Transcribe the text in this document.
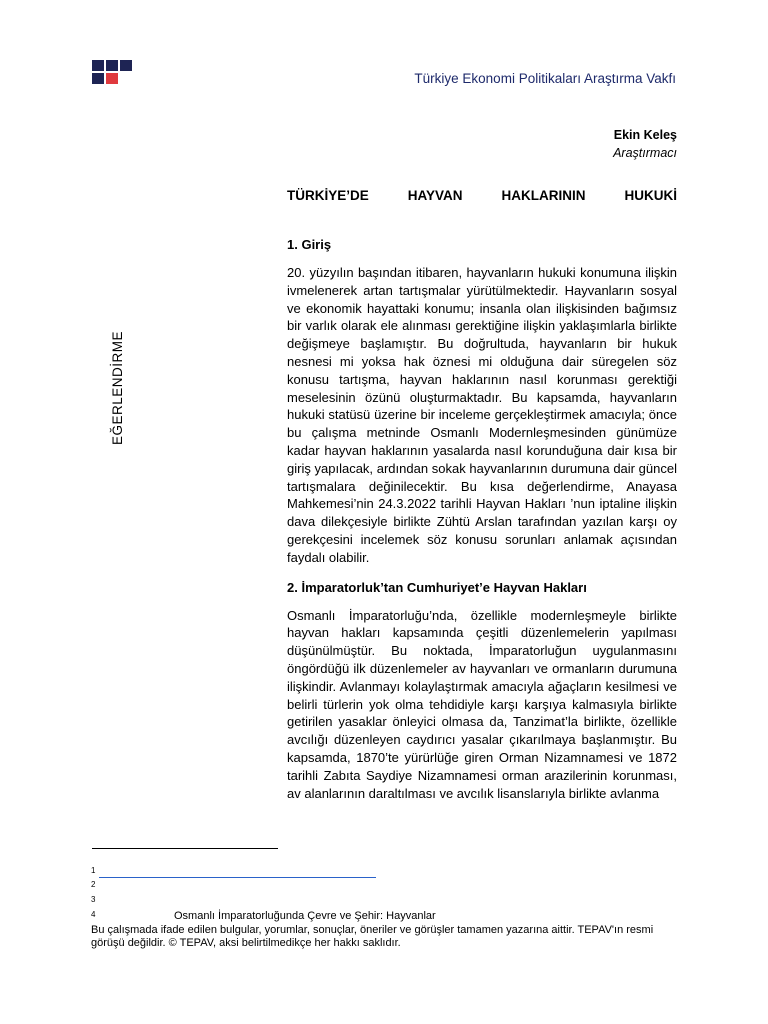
Türkiye Ekonomi Politikaları Araştırma Vakfı
Ekin Keleş
Araştırmacı
EĞERLENDİRME

TÜRKİYE’DE HAYVAN HAKLARININ HUKUKİ

1. Giriş

20. yüzyılın başından itibaren, hayvanların hukuki konumuna ilişkin ivmelenerek artan tartışmalar yürütülmektedir. Hayvanların sosyal ve ekonomik hayattaki konumu; insanla olan ilişkisinden bağımsız bir varlık olarak ele alınması gerektiğine ilişkin yaklaşımlarla birlikte değişmeye başlamıştır. Bu doğrultuda, hayvanların bir hukuk nesnesi mi yoksa hak öznesi mi olduğuna dair süregelen söz konusu tartışma, hayvan haklarının nasıl korunması gerektiği meselesinin özünü oluşturmaktadır. Bu kapsamda, hayvanların hukuki statüsü üzerine bir inceleme gerçekleştirmek amacıyla; önce bu çalışma metninde Osmanlı Modernleşmesinden günümüze kadar hayvan haklarının yasalarda nasıl korunduğuna dair kısa bir giriş yapılacak, ardından sokak hayvanlarının durumuna dair güncel tartışmalara değinilecektir. Bu kısa değerlendirme, Anayasa Mahkemesi’nin 24.3.2022 tarihli Hayvan Hakları ’nun iptaline ilişkin dava dilekçesiyle birlikte Zühtü Arslan tarafından yazılan karşı oy gerekçesini incelemek söz konusu sorunları anlamak açısından faydalı olabilir.

2. İmparatorluk’tan Cumhuriyet’e Hayvan Hakları

Osmanlı İmparatorluğu’nda, özellikle modernleşmeyle birlikte hayvan hakları kapsamında çeşitli düzenlemelerin yapılması düşünülmüştür. Bu noktada, İmparatorluğun uygulanmasını öngördüğü ilk düzenlemeler av hayvanları ve ormanların durumuna ilişkindir. Avlanmayı kolaylaştırmak amacıyla ağaçların kesilmesi ve belirli türlerin yok olma tehdidiyle karşı karşıya kalmasıyla birlikte getirilen yasaklar önleyici olmasa da, Tanzimat’la birlikte, özellikle avcılığı düzenleyen caydırıcı yasalar çıkarılmaya başlanmıştır. Bu kapsamda, 1870’te yürürlüğe giren Orman Nizamnamesi ve 1872 tarihli Zabıta Saydiye Nizamnamesi orman arazilerinin korunması, av alanlarının daraltılması ve avcılık lisanslarıyla birlikte avlanma

1
2
3
4	Osmanlı İmparatorluğunda Çevre ve Şehir: Hayvanlar
Bu çalışmada ifade edilen bulgular, yorumlar, sonuçlar, öneriler ve görüşler tamamen yazarına aittir. TEPAV'ın resmi görüşü değildir. © TEPAV, aksi belirtilmedikçe her hakkı saklıdır.
